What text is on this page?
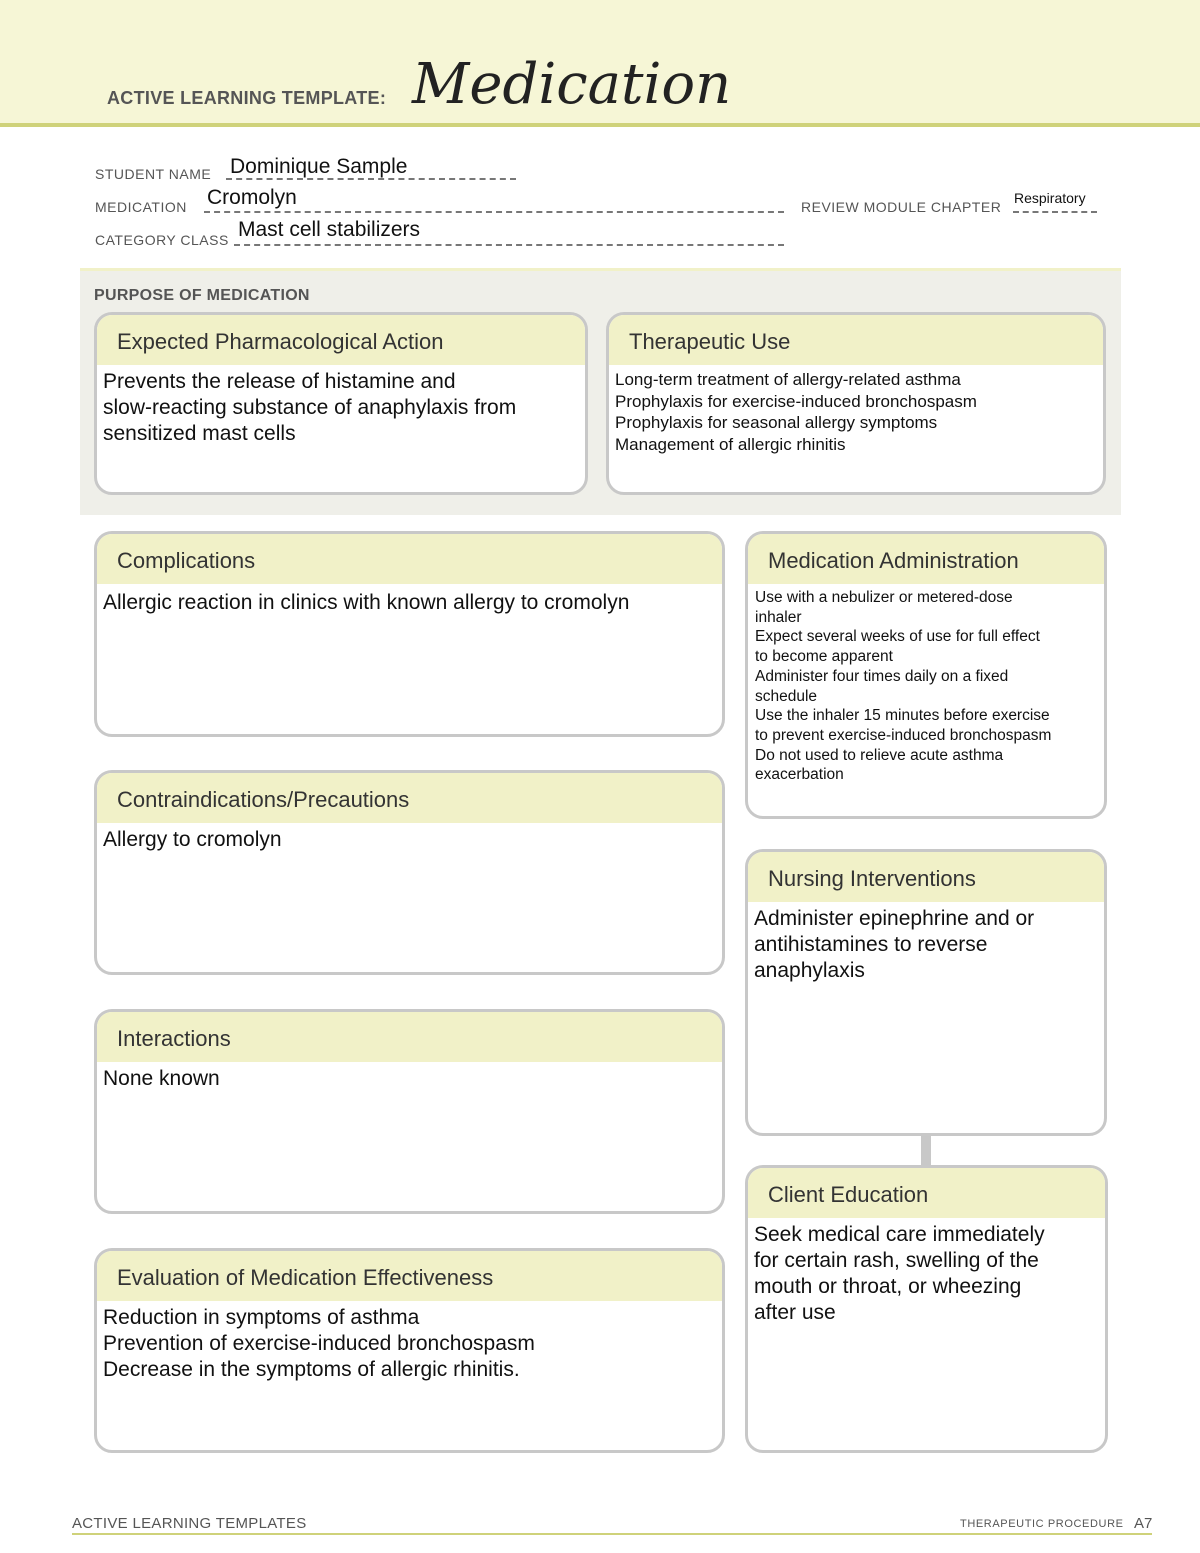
ACTIVE LEARNING TEMPLATE: Medication
STUDENT NAME Dominique Sample
MEDICATION Cromolyn	REVIEW MODULE CHAPTER
Respiratory
CATEGORY CLASS Mast cell stabilizers
PURPOSE OF MEDICATION
Expected Pharmacological Action
Prevents the release of histamine and
slow-reacting substance of anaphylaxis from
sensitized mast cells
Therapeutic Use
Long-term treatment of allergy-related asthma
Prophylaxis for exercise-induced bronchospasm
Prophylaxis for seasonal allergy symptoms
Management of allergic rhinitis
Complications
Allergic reaction in clinics with known allergy to cromolyn
Contraindications/Precautions
Allergy to cromolyn
Interactions
None known
Evaluation of Medication Effectiveness
Reduction in symptoms of asthma
Prevention of exercise-induced bronchospasm
Decrease in the symptoms of allergic rhinitis.
Medication Administration
Use with a nebulizer or metered-dose
inhaler
Expect several weeks of use for full effect
to become apparent
Administer four times daily on a fixed
schedule
Use the inhaler 15 minutes before exercise
to prevent exercise-induced bronchospasm
Do not used to relieve acute asthma
exacerbation
Nursing Interventions
Administer epinephrine and or
antihistamines to reverse
anaphylaxis
Client Education
Seek medical care immediately
for certain rash, swelling of the
mouth or throat, or wheezing
after use
ACTIVE LEARNING TEMPLATES	THERAPEUTIC PROCEDURE A7
